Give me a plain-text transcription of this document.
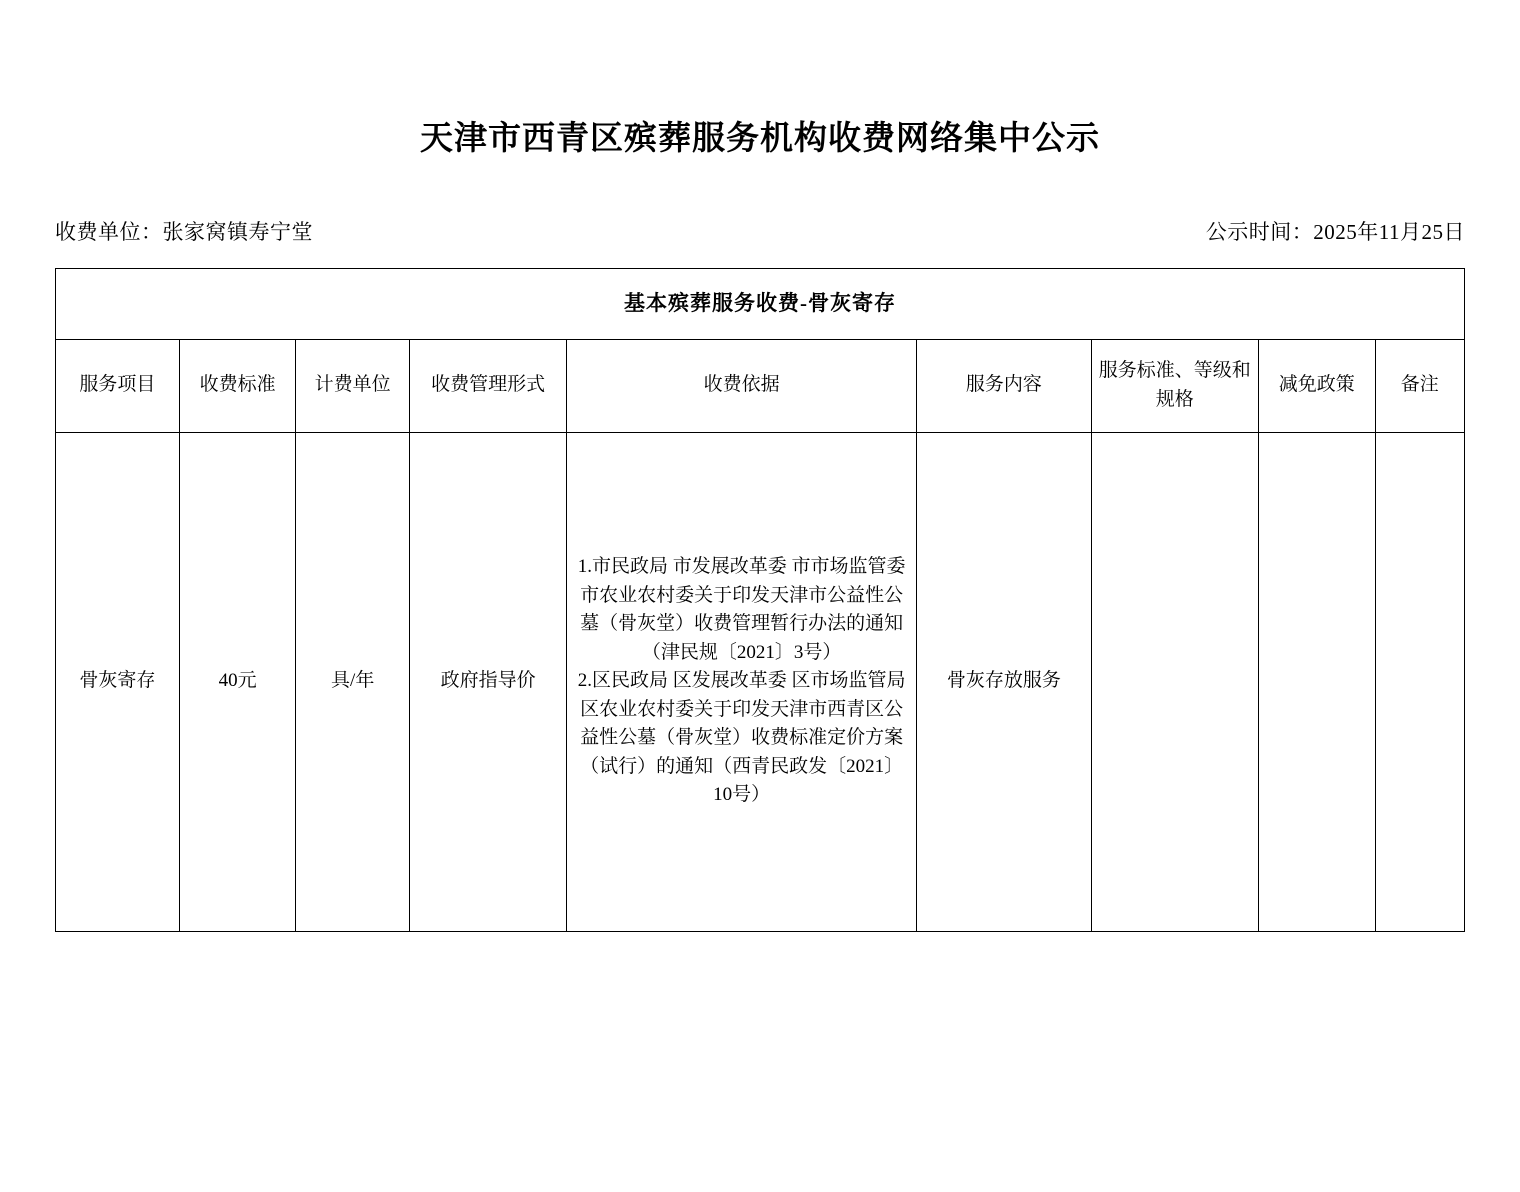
天津市西青区殡葬服务机构收费网络集中公示
收费单位：张家窝镇寿宁堂	公示时间：2025年11月25日
基本殡葬服务收费-骨灰寄存								
服务项目	收费标准	计费单位	收费管理形式	收费依据	服务内容	服务标准、等级和规格	减免政策	备注
骨灰寄存	40元	具/年	政府指导价	1.市民政局 市发展改革委 市市场监管委 市农业农村委关于印发天津市公益性公墓（骨灰堂）收费管理暂行办法的通知（津民规〔2021〕3号）

2.区民政局 区发展改革委 区市场监管局 区农业农村委关于印发天津市西青区公益性公墓（骨灰堂）收费标准定价方案（试行）的通知（西青民政发〔2021〕10号）	骨灰存放服务			
